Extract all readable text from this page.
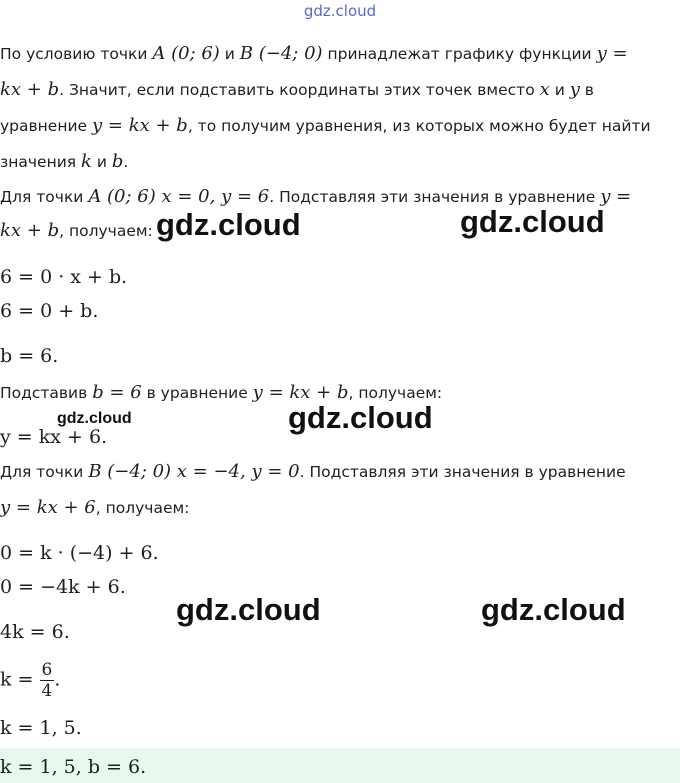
gdz.cloud
По условию точки A (0; 6) и B (−4; 0) принадлежат графику функции y =
kx + b. Значит, если подставить координаты этих точек вместо x и y в
уравнение y = kx + b, то получим уравнения, из которых можно будет найти
значения k и b.
Для точки A (0; 6) x = 0, y = 6. Подставляя эти значения в уравнение y =
kx + b, получаем:
6 = 0 · x + b.
6 = 0 + b.
b = 6.
Подставив b = 6 в уравнение y = kx + b, получаем:
y = kx + 6.
Для точки B (−4; 0) x = −4, y = 0. Подставляя эти значения в уравнение
y = kx + 6, получаем:
0 = k · (−4) + 6.
0 = −4k + 6.
4k = 6.
$k = \frac{6}{4}$ .
k = 1, 5.
k = 1, 5, b = 6.
gdz.cloud	gdz.cloud
gdz.cloud	gdz.cloud
gdz.cloud	gdz.cloud
